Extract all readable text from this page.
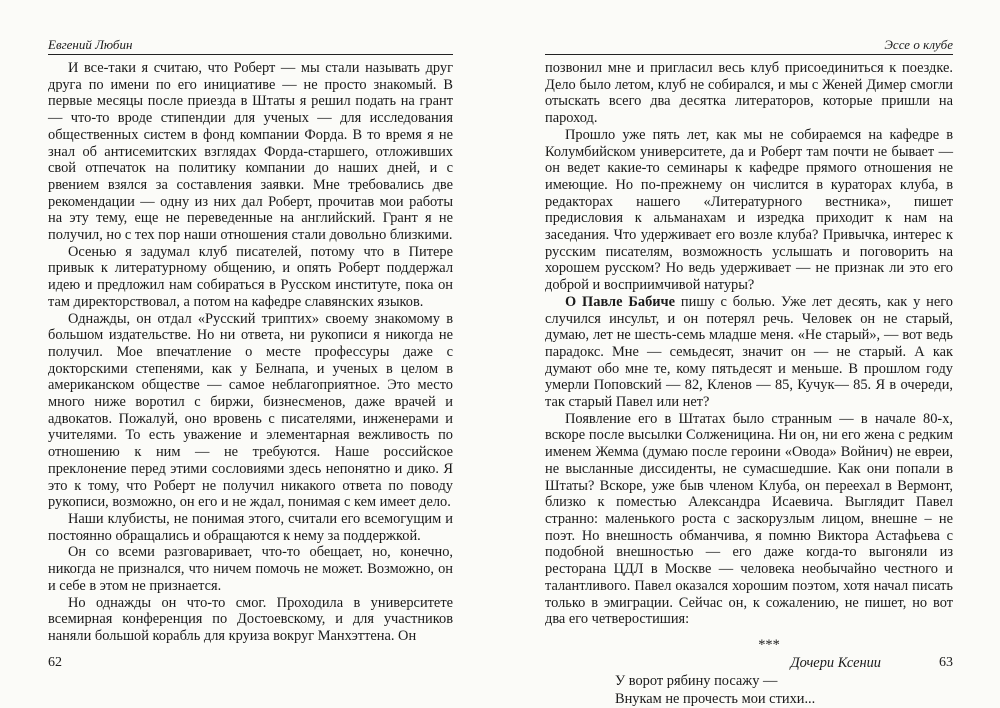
Евгений Любин

И все-таки я считаю, что Роберт — мы стали называть друг друга по имени по его инициативе — не просто знакомый. В первые месяцы после приезда в Штаты я решил подать на грант — что-то вроде стипендии для ученых — для исследования общественных систем в фонд компании Форда. В то время я не знал об антисемитских взглядах Форда-старшего, отложивших свой отпечаток на политику компании до наших дней, и с рвением взялся за составления заявки. Мне требовались две рекомендации — одну из них дал Роберт, прочитав мои работы на эту тему, еще не переведенные на английский. Грант я не получил, но с тех пор наши отношения стали довольно близкими.

Осенью я задумал клуб писателей, потому что в Питере привык к литературному общению, и опять Роберт поддержал идею и предложил нам собираться в Русском институте, пока он там директорствовал, а потом на кафедре славянских языков.

Однажды, он отдал «Русский триптих» своему знакомому в большом издательстве. Но ни ответа, ни рукописи я никогда не получил. Мое впечатление о месте профессуры даже с докторскими степенями, как у Белнапа, и ученых в целом в американском обществе — самое неблагоприятное. Это место много ниже воротил с биржи, бизнесменов, даже врачей и адвокатов. Пожалуй, оно вровень с писателями, инженерами и учителями. То есть уважение и элементарная вежливость по отношению к ним — не требуются. Наше российское преклонение перед этими сословиями здесь непонятно и дико. Я это к тому, что Роберт не получил никакого ответа по поводу рукописи, возможно, он его и не ждал, понимая с кем имеет дело.

Наши клубисты, не понимая этого, считали его всемогущим и постоянно обращались и обращаются к нему за поддержкой.

Он со всеми разговаривает, что-то обещает, но, конечно, никогда не признался, что ничем помочь не может. Возможно, он и себе в этом не признается.

Но однажды он что-то смог. Проходила в университете всемирная конференция по Достоевскому, и для участников наняли большой корабль для круиза вокруг Манхэттена. Он

62
Эссе о клубе

позвонил мне и пригласил весь клуб присоединиться к поездке. Дело было летом, клуб не собирался, и мы с Женей Димер смогли отыскать всего два десятка литераторов, которые пришли на пароход.

Прошло уже пять лет, как мы не собираемся на кафедре в Колумбийском университете, да и Роберт там почти не бывает — он ведет какие-то семинары к кафедре прямого отношения не имеющие. Но по-прежнему он числится в кураторах клуба, в редакторах нашего «Литературного вестника», пишет предисловия к альманахам и изредка приходит к нам на заседания. Что удерживает его возле клуба? Привычка, интерес к русским писателям, возможность услышать и поговорить на хорошем русском? Но ведь удерживает — не признак ли это его доброй и восприимчивой натуры?

О Павле Бабиче пишу с болью. Уже лет десять, как у него случился инсульт, и он потерял речь. Человек он не старый, думаю, лет не шесть-семь младше меня. «Не старый», — вот ведь парадокс. Мне — семьдесят, значит он — не старый. А как думают обо мне те, кому пятьдесят и меньше. В прошлом году умерли Поповский — 82, Кленов — 85, Кучук— 85. Я в очереди, так старый Павел или нет?

Появление его в Штатах было странным — в начале 80-х, вскоре после высылки Солженицина. Ни он, ни его жена с редким именем Жемма (думаю после героини «Овода» Войнич) не евреи, не высланные диссиденты, не сумасшедшие. Как они попали в Штаты? Вскоре, уже быв членом Клуба, он переехал в Вермонт, близко к поместью Александра Исаевича. Выглядит Павел странно: маленького роста с заскорузлым лицом, внешне – не поэт. Но внешность обманчива, я помню Виктора Астафьева с подобной внешностью — его даже когда-то выгоняли из ресторана ЦДЛ в Москве — человека необычайно честного и талантливого. Павел оказался хорошим поэтом, хотя начал писать только в эмиграции. Сейчас он, к сожалению, не пишет, но вот два его четверостишия:

***
Дочери Ксении
У ворот рябину посажу —
Внукам не прочесть мои стихи...
63
